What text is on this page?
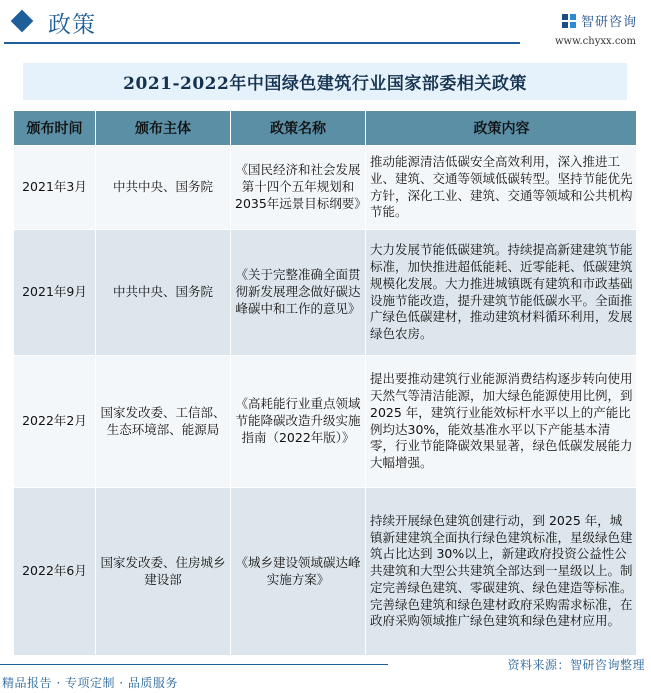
政策	智研咨询
www.chyxx.com
2021-2022年中国绿色建筑行业国家部委相关政策
颁布时间	颁布主体	政策名称	政策内容
2021年3月	中共中央、国务院	《国民经济和社会发展第十四个五年规划和2035年远景目标纲要》	推动能源清洁低碳安全高效利用，深入推进工业、建筑、交通等领域低碳转型。坚持节能优先方针，深化工业、建筑、交通等领域和公共机构节能。
2021年9月	中共中央、国务院	《关于完整准确全面贯彻新发展理念做好碳达峰碳中和工作的意见》	大力发展节能低碳建筑。持续提高新建建筑节能标准，加快推进超低能耗、近零能耗、低碳建筑规模化发展。大力推进城镇既有建筑和市政基础设施节能改造，提升建筑节能低碳水平。全面推广绿色低碳建材，推动建筑材料循环利用，发展绿色农房。
2022年2月	国家发改委、工信部、生态环境部、能源局	《高耗能行业重点领域节能降碳改造升级实施指南（2022年版）》	提出要推动建筑行业能源消费结构逐步转向使用天然气等清洁能源，加大绿色能源使用比例，到 2025 年，建筑行业能效标杆水平以上的产能比例均达30%，能效基准水平以下产能基本清零，行业节能降碳效果显著，绿色低碳发展能力大幅增强。
2022年6月	国家发改委、住房城乡建设部	《城乡建设领域碳达峰实施方案》	持续开展绿色建筑创建行动，到 2025 年，城镇新建建筑全面执行绿色建筑标准，星级绿色建筑占比达到 30%以上，新建政府投资公益性公共建筑和大型公共建筑全部达到一星级以上。制定完善绿色建筑、零碳建筑、绿色建造等标准。完善绿色建筑和绿色建材政府采购需求标准，在政府采购领域推广绿色建筑和绿色建材应用。
资料来源：智研咨询整理
精品报告 · 专项定制 · 品质服务
